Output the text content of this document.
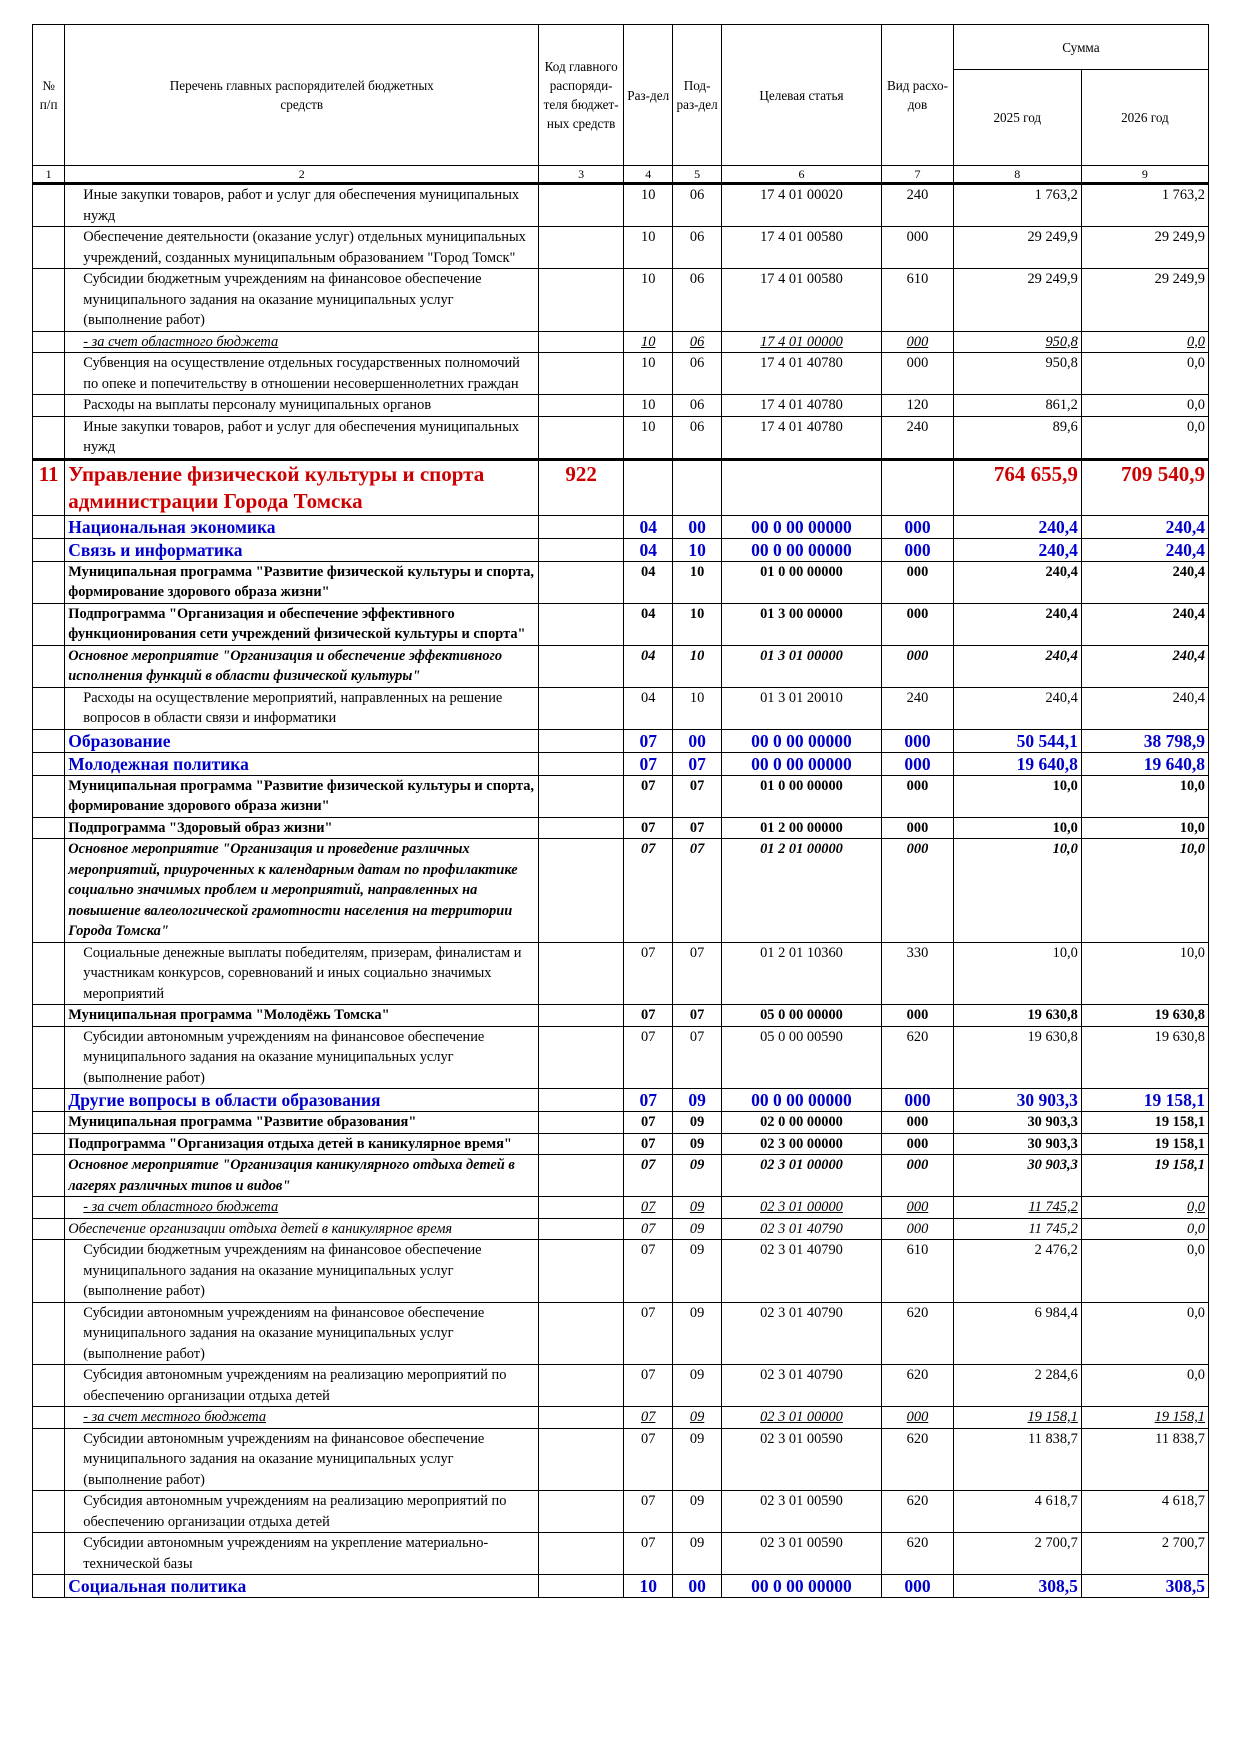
№ п/п	Перечень главных распорядителей бюджетных средств	Код главного распоряди-теля бюджет-ных средств	Раз-дел	Под-раз-дел	Целевая статья	Вид расхо-дов	Сумма	
							2025 год	2026 год
1	2	3	4	5	6	7	8	9
	Иные закупки товаров, работ и услуг для обеспечения муниципальных нужд		10	06	17 4 01 00020	240	1 763,2	1 763,2
	Обеспечение деятельности (оказание услуг) отдельных муниципальных учреждений, созданных муниципальным образованием "Город Томск"		10	06	17 4 01 00580	000	29 249,9	29 249,9
	Субсидии бюджетным учреждениям на финансовое обеспечение муниципального задания на оказание муниципальных услуг (выполнение работ)		10	06	17 4 01 00580	610	29 249,9	29 249,9
	- за счет областного бюджета		10	06	17 4 01 00000	000	950,8	0,0
	Субвенция на осуществление отдельных государственных полномочий по опеке и попечительству в отношении несовершеннолетних граждан		10	06	17 4 01 40780	000	950,8	0,0
	Расходы на выплаты персоналу муниципальных органов		10	06	17 4 01 40780	120	861,2	0,0
	Иные закупки товаров, работ и услуг для обеспечения муниципальных нужд		10	06	17 4 01 40780	240	89,6	0,0
11	Управление физической культуры и спорта администрации Города Томска	922					764 655,9	709 540,9
	Национальная экономика		04	00	00 0 00 00000	000	240,4	240,4
	Связь и информатика		04	10	00 0 00 00000	000	240,4	240,4
	Муниципальная программа "Развитие физической культуры и спорта, формирование здорового образа жизни"		04	10	01 0 00 00000	000	240,4	240,4
	Подпрограмма "Организация и обеспечение эффективного функционирования сети учреждений физической культуры и спорта"		04	10	01 3 00 00000	000	240,4	240,4
	Основное мероприятие "Организация и обеспечение эффективного исполнения функций в области физической культуры"		04	10	01 3 01 00000	000	240,4	240,4
	Расходы на осуществление мероприятий, направленных на решение вопросов в области связи и информатики		04	10	01 3 01 20010	240	240,4	240,4
	Образование		07	00	00 0 00 00000	000	50 544,1	38 798,9
	Молодежная политика		07	07	00 0 00 00000	000	19 640,8	19 640,8
	Муниципальная программа "Развитие физической культуры и спорта, формирование здорового образа жизни"		07	07	01 0 00 00000	000	10,0	10,0
	Подпрограмма "Здоровый образ жизни"		07	07	01 2 00 00000	000	10,0	10,0
	Основное мероприятие "Организация и проведение различных мероприятий, приуроченных к календарным датам по профилактике социально значимых проблем и мероприятий, направленных на повышение валеологической грамотности населения на территории Города Томска"		07	07	01 2 01 00000	000	10,0	10,0
	Социальные денежные выплаты победителям, призерам, финалистам и участникам конкурсов, соревнований и иных социально значимых мероприятий		07	07	01 2 01 10360	330	10,0	10,0
	Муниципальная программа "Молодёжь Томска"		07	07	05 0 00 00000	000	19 630,8	19 630,8
	Субсидии автономным учреждениям на финансовое обеспечение муниципального задания на оказание муниципальных услуг (выполнение работ)		07	07	05 0 00 00590	620	19 630,8	19 630,8
	Другие вопросы в области образования		07	09	00 0 00 00000	000	30 903,3	19 158,1
	Муниципальная программа "Развитие образования"		07	09	02 0 00 00000	000	30 903,3	19 158,1
	Подпрограмма "Организация отдыха детей в каникулярное время"		07	09	02 3 00 00000	000	30 903,3	19 158,1
	Основное мероприятие "Организация каникулярного отдыха детей в лагерях различных типов и видов"		07	09	02 3 01 00000	000	30 903,3	19 158,1
	- за счет областного бюджета		07	09	02 3 01 00000	000	11 745,2	0,0
	Обеспечение организации отдыха детей в каникулярное время		07	09	02 3 01 40790	000	11 745,2	0,0
	Субсидии бюджетным учреждениям на финансовое обеспечение муниципального задания на оказание муниципальных услуг (выполнение работ)		07	09	02 3 01 40790	610	2 476,2	0,0
	Субсидии автономным учреждениям на финансовое обеспечение муниципального задания на оказание муниципальных услуг (выполнение работ)		07	09	02 3 01 40790	620	6 984,4	0,0
	Субсидия автономным учреждениям на реализацию мероприятий по обеспечению организации отдыха детей		07	09	02 3 01 40790	620	2 284,6	0,0
	- за счет местного бюджета		07	09	02 3 01 00000	000	19 158,1	19 158,1
	Субсидии автономным учреждениям на финансовое обеспечение муниципального задания на оказание муниципальных услуг (выполнение работ)		07	09	02 3 01 00590	620	11 838,7	11 838,7
	Субсидия автономным учреждениям на реализацию мероприятий по обеспечению организации отдыха детей		07	09	02 3 01 00590	620	4 618,7	4 618,7
	Субсидии автономным учреждениям на укрепление материально-технической базы		07	09	02 3 01 00590	620	2 700,7	2 700,7
	Социальная политика		10	00	00 0 00 00000	000	308,5	308,5
